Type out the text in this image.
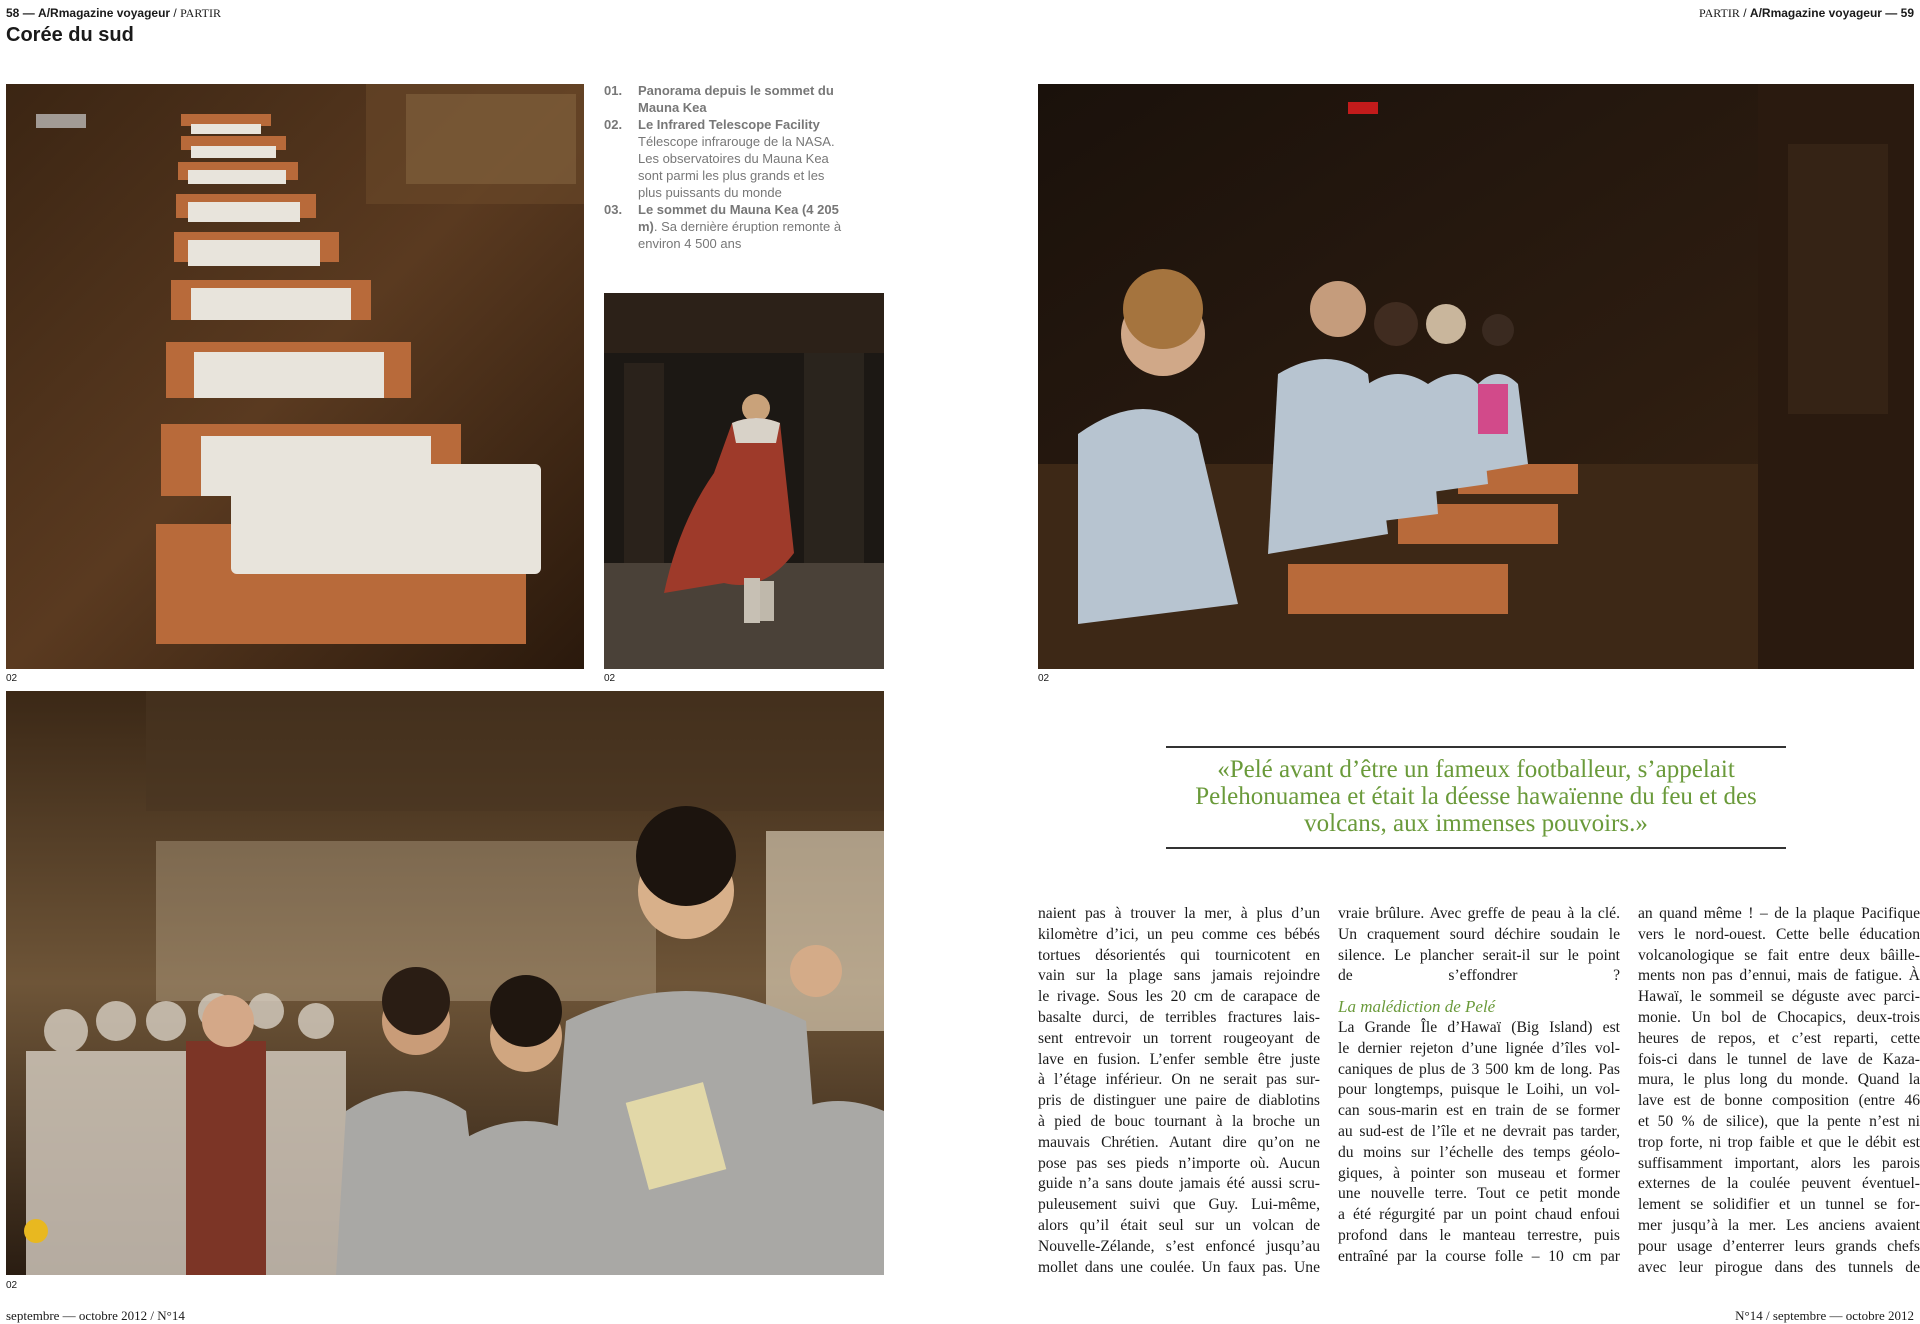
58 — A/Rmagazine voyageur / PARTIR	PARTIR / A/Rmagazine voyageur — 59
Corée du sud
02
01.	Panorama depuis le sommet du Mauna Kea
02.	Le Infrared Telescope Facility
Télescope infrarouge de la NASA. Les observatoires du Mauna Kea sont parmi les plus grands et les plus puissants du monde
03.	Le sommet du Mauna Kea (4 205 m). Sa dernière éruption remonte à environ 4 500 ans
02	02
02
«Pelé avant d’être un fameux footballeur, s’appelait Pelehonuamea et était la déesse hawaïenne du feu et des volcans, aux immenses pouvoirs.»
naient pas à trouver la mer, à plus d’un
kilomètre d’ici, un peu comme ces bébés
tortues désorientés qui tournicotent en
vain sur la plage sans jamais rejoindre
le rivage. Sous les 20 cm de carapace de
basalte durci, de terribles fractures lais-
sent entrevoir un torrent rougeoyant de
lave en fusion. L’enfer semble être juste
à l’étage inférieur. On ne serait pas sur-
pris de distinguer une paire de diablotins
à pied de bouc tournant à la broche un
mauvais Chrétien. Autant dire qu’on ne
pose pas ses pieds n’importe où. Aucun
guide n’a sans doute jamais été aussi scru-
puleusement suivi que Guy. Lui-même,
alors qu’il était seul sur un volcan de
Nouvelle-Zélande, s’est enfoncé jusqu’au
mollet dans une coulée. Un faux pas. Une
vraie brûlure. Avec greffe de peau à la clé.
Un craquement sourd déchire soudain le
silence. Le plancher serait-il sur le point
de s’effondrer ?
La malédiction de Pelé
La Grande Île d’Hawaï (Big Island) est
le dernier rejeton d’une lignée d’îles vol-
caniques de plus de 3 500 km de long. Pas
pour longtemps, puisque le Loihi, un vol-
can sous-marin est en train de se former
au sud-est de l’île et ne devrait pas tarder,
du moins sur l’échelle des temps géolo-
giques, à pointer son museau et former
une nouvelle terre. Tout ce petit monde
a été régurgité par un point chaud enfoui
profond dans le manteau terrestre, puis
entraîné par la course folle – 10 cm par
an quand même ! – de la plaque Pacifique
vers le nord-ouest. Cette belle éducation
volcanologique se fait entre deux bâille-
ments non pas d’ennui, mais de fatigue. À
Hawaï, le sommeil se déguste avec parci-
monie. Un bol de Chocapics, deux-trois
heures de repos, et c’est reparti, cette
fois-ci dans le tunnel de lave de Kaza-
mura, le plus long du monde. Quand la
lave est de bonne composition (entre 46
et 50 % de silice), que la pente n’est ni
trop forte, ni trop faible et que le débit est
suffisamment important, alors les parois
externes de la coulée peuvent éventuel-
lement se solidifier et un tunnel se for-
mer jusqu’à la mer. Les anciens avaient
pour usage d’enterrer leurs grands chefs
avec leur pirogue dans des tunnels de
septembre — octobre 2012 / N°14	N°14 / septembre — octobre 2012
